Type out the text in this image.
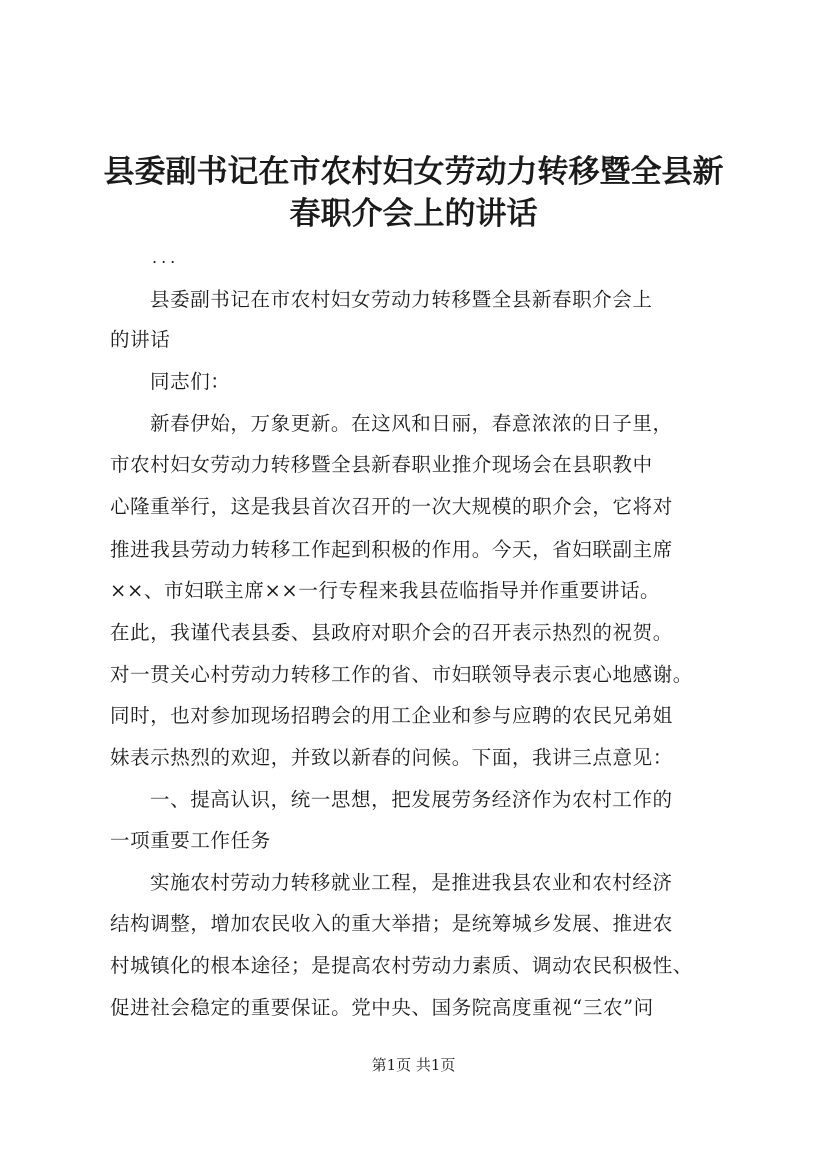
县委副书记在市农村妇女劳动力转移暨全县新
春职介会上的讲话
...

县委副书记在市农村妇女劳动力转移暨全县新春职介会上

的讲话

同志们：

新春伊始，万象更新。在这风和日丽，春意浓浓的日子里，

市农村妇女劳动力转移暨全县新春职业推介现场会在县职教中

心隆重举行，这是我县首次召开的一次大规模的职介会，它将对

推进我县劳动力转移工作起到积极的作用。今天，省妇联副主席

××、市妇联主席××一行专程来我县莅临指导并作重要讲话。

在此，我谨代表县委、县政府对职介会的召开表示热烈的祝贺。

对一贯关心村劳动力转移工作的省、市妇联领导表示衷心地感谢。

同时，也对参加现场招聘会的用工企业和参与应聘的农民兄弟姐

妹表示热烈的欢迎，并致以新春的问候。下面，我讲三点意见：

一、提高认识，统一思想，把发展劳务经济作为农村工作的

一项重要工作任务

实施农村劳动力转移就业工程，是推进我县农业和农村经济

结构调整，增加农民收入的重大举措；是统筹城乡发展、推进农

村城镇化的根本途径；是提高农村劳动力素质、调动农民积极性、

促进社会稳定的重要保证。党中央、国务院高度重视“三农”问

第1页 共1页
